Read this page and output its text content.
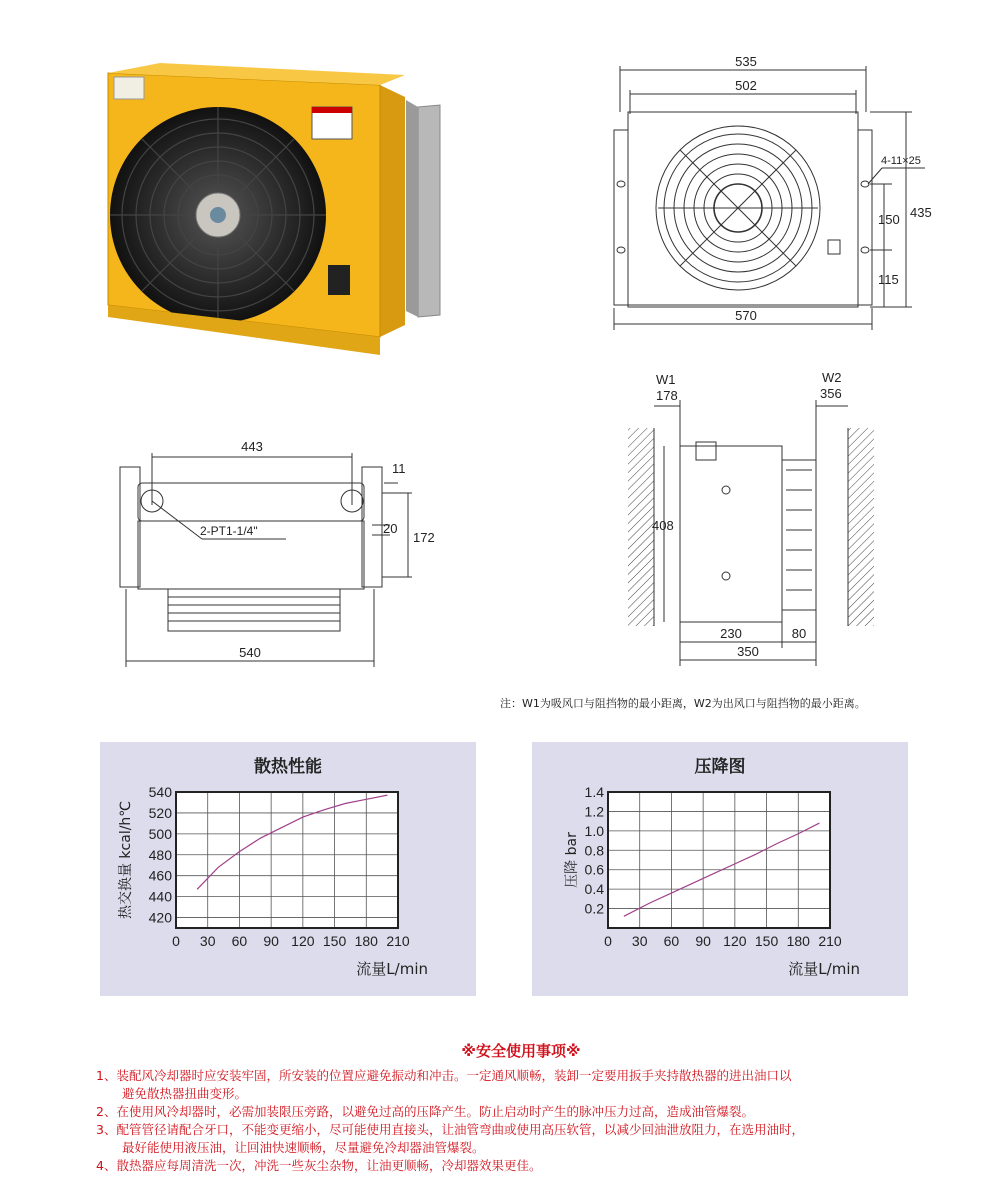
535
502
570
435
150
115
4-11×25
443
540
172
20
11
2-PT1-1/4"
W1
178
W2
356
408
230	80
350
注：W1为吸风口与阻挡物的最小距离，W2为出风口与阻挡物的最小距离。
散热性能
0 30 60 90 120 150 180 210
420
440
460
480
500
520
540
流量L/min
热交换量 kcal/h℃
压降图
0 30 60 90 120 150 180 210
0.2
0.4
0.6
0.8
1.0
1.2
1.4
流量L/min
压降 bar
※安全使用事项※
1、装配风冷却器时应安装牢固，所安装的位置应避免振动和冲击。一定通风顺畅，装卸一定要用扳手夹持散热器的进出油口以
避免散热器扭曲变形。
2、在使用风冷却器时，必需加装限压旁路，以避免过高的压降产生。防止启动时产生的脉冲压力过高，造成油管爆裂。
3、配管管径请配合牙口，不能变更缩小，尽可能使用直接头，让油管弯曲或使用高压软管，以减少回油泄放阻力，在选用油时，
最好能使用液压油，让回油快速顺畅，尽量避免冷却器油管爆裂。
4、散热器应每周清洗一次，冲洗一些灰尘杂物，让油更顺畅，冷却器效果更佳。
